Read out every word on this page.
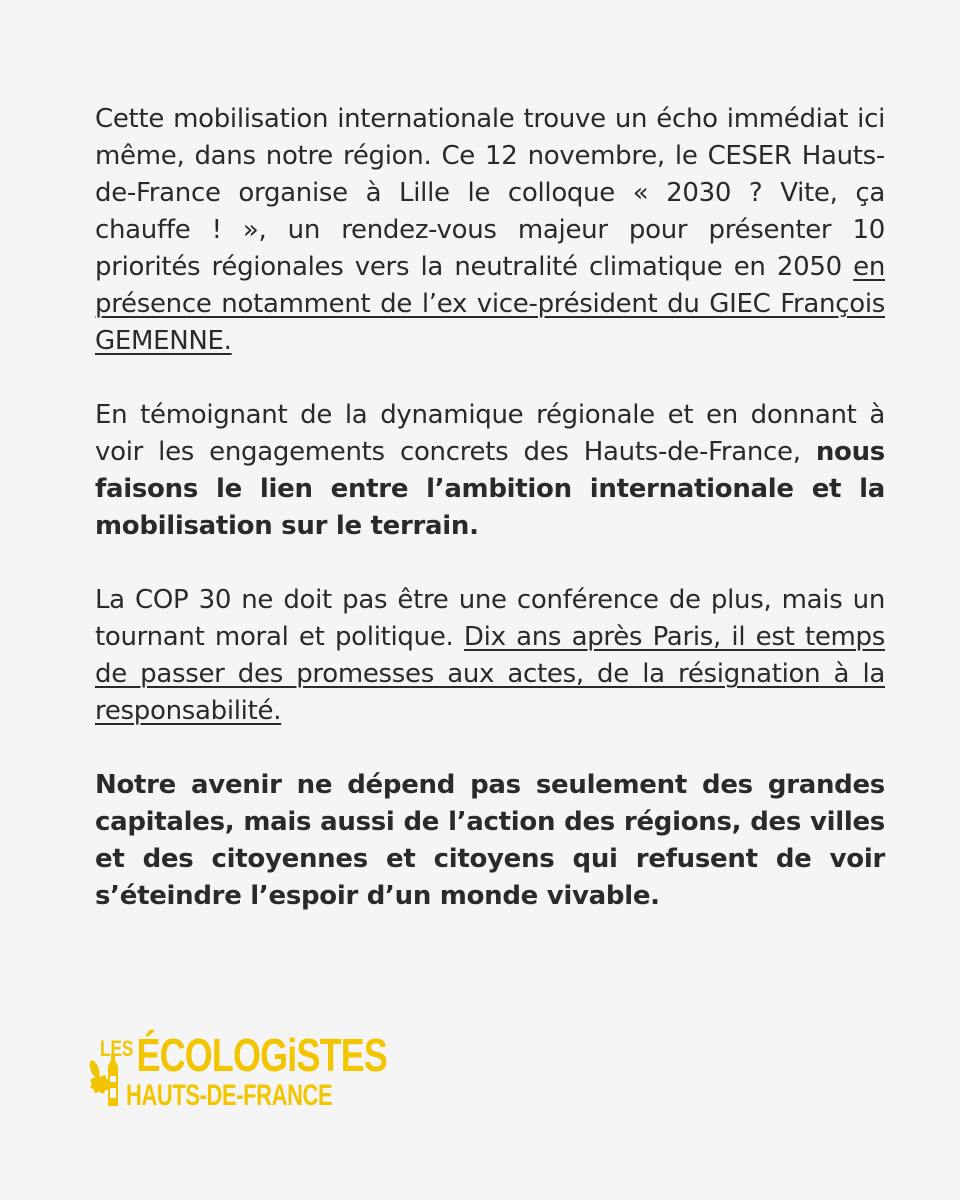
Cette mobilisation internationale trouve un écho immédiat ici même, dans notre région. Ce 12 novembre, le CESER Hauts-de-France organise à Lille le colloque « 2030 ? Vite, ça chauffe ! », un rendez-vous majeur pour présenter 10 priorités régionales vers la neutralité climatique en 2050 en présence notamment de l’ex vice-président du GIEC François GEMENNE.

En témoignant de la dynamique régionale et en donnant à voir les engagements concrets des Hauts-de-France, nous faisons le lien entre l’ambition internationale et la mobilisation sur le terrain.

La COP 30 ne doit pas être une conférence de plus, mais un tournant moral et politique. Dix ans après Paris, il est temps de passer des promesses aux actes, de la résignation à la responsabilité.

Notre avenir ne dépend pas seulement des grandes capitales, mais aussi de l’action des régions, des villes et des citoyennes et citoyens qui refusent de voir s’éteindre l’espoir d’un monde vivable.

LESÉCOLOGiSTES
HAUTS-DE-FRANCE
